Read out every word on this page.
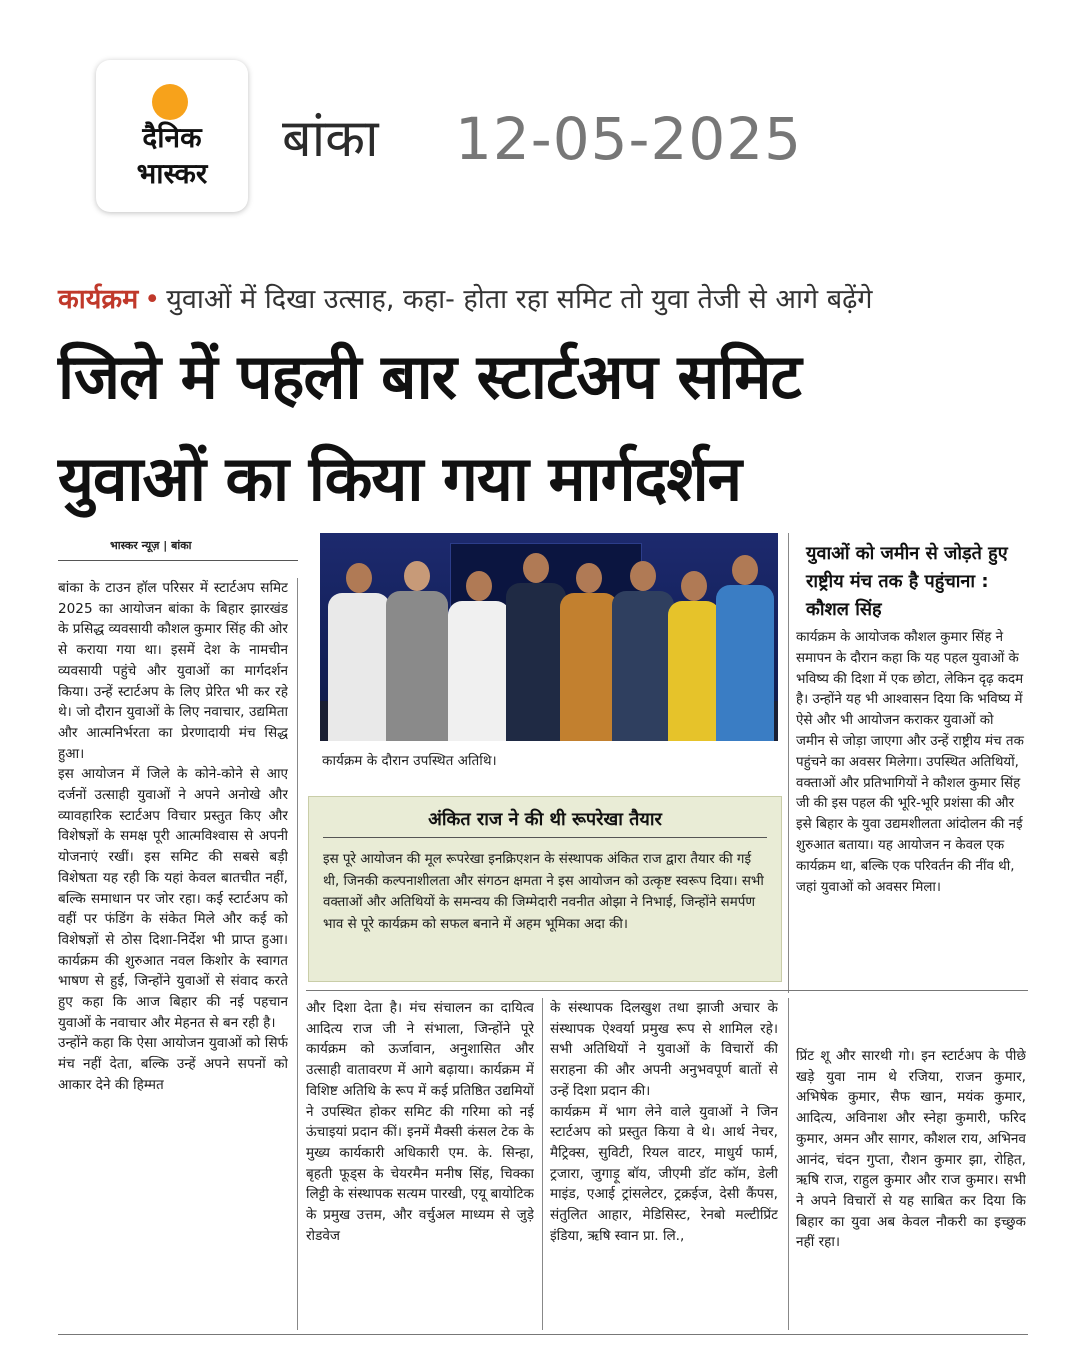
दैनिक
भास्कर
बांका 12-05-2025
कार्यक्रम • युवाओं में दिखा उत्साह, कहा- होता रहा समिट तो युवा तेजी से आगे बढ़ेंगे
जिले में पहली बार स्टार्टअप समिट
युवाओं का किया गया मार्गदर्शन
भास्कर न्यूज़ | बांका

बांका के टाउन हॉल परिसर में स्टार्टअप समिट 2025 का आयोजन बांका के बिहार झारखंड के प्रसिद्ध व्यवसायी कौशल कुमार सिंह की ओर से कराया गया था। इसमें देश के नामचीन व्यवसायी पहुंचे और युवाओं का मार्गदर्शन किया। उन्हें स्टार्टअप के लिए प्रेरित भी कर रहे थे। जो दौरान युवाओं के लिए नवाचार, उद्यमिता और आत्मनिर्भरता का प्रेरणादायी मंच सिद्ध हुआ।

इस आयोजन में जिले के कोने-कोने से आए दर्जनों उत्साही युवाओं ने अपने अनोखे और व्यावहारिक स्टार्टअप विचार प्रस्तुत किए और विशेषज्ञों के समक्ष पूरी आत्मविश्वास से अपनी योजनाएं रखीं। इस समिट की सबसे बड़ी विशेषता यह रही कि यहां केवल बातचीत नहीं, बल्कि समाधान पर जोर रहा। कई स्टार्टअप को वहीं पर फंडिंग के संकेत मिले और कई को विशेषज्ञों से ठोस दिशा-निर्देश भी प्राप्त हुआ। कार्यक्रम की शुरुआत नवल किशोर के स्वागत भाषण से हुई, जिन्होंने युवाओं से संवाद करते हुए कहा कि आज बिहार की नई पहचान युवाओं के नवाचार और मेहनत से बन रही है।

उन्होंने कहा कि ऐसा आयोजन युवाओं को सिर्फ मंच नहीं देता, बल्कि उन्हें अपने सपनों को आकार देने की हिम्मत

कार्यक्रम के दौरान उपस्थित अतिथि।
अंकित राज ने की थी रूपरेखा तैयार
इस पूरे आयोजन की मूल रूपरेखा इनक्रिएशन के संस्थापक अंकित राज द्वारा तैयार की गई थी, जिनकी कल्पनाशीलता और संगठन क्षमता ने इस आयोजन को उत्कृष्ट स्वरूप दिया। सभी वक्ताओं और अतिथियों के समन्वय की जिम्मेदारी नवनीत ओझा ने निभाई, जिन्होंने समर्पण भाव से पूरे कार्यक्रम को सफल बनाने में अहम भूमिका अदा की।
युवाओं को जमीन से जोड़ते हुए राष्ट्रीय मंच तक है पहुंचाना : कौशल सिंह
कार्यक्रम के आयोजक कौशल कुमार सिंह ने समापन के दौरान कहा कि यह पहल युवाओं के भविष्य की दिशा में एक छोटा, लेकिन दृढ़ कदम है। उन्होंने यह भी आश्वासन दिया कि भविष्य में ऐसे और भी आयोजन कराकर युवाओं को जमीन से जोड़ा जाएगा और उन्हें राष्ट्रीय मंच तक पहुंचने का अवसर मिलेगा। उपस्थित अतिथियों, वक्ताओं और प्रतिभागियों ने कौशल कुमार सिंह जी की इस पहल की भूरि-भूरि प्रशंसा की और इसे बिहार के युवा उद्यमशीलता आंदोलन की नई शुरुआत बताया। यह आयोजन न केवल एक कार्यक्रम था, बल्कि एक परिवर्तन की नींव थी, जहां युवाओं को अवसर मिला।
और दिशा देता है। मंच संचालन का दायित्व आदित्य राज जी ने संभाला, जिन्होंने पूरे कार्यक्रम को ऊर्जावान, अनुशासित और उत्साही वातावरण में आगे बढ़ाया। कार्यक्रम में विशिष्ट अतिथि के रूप में कई प्रतिष्ठित उद्यमियों ने उपस्थित होकर समिट की गरिमा को नई ऊंचाइयां प्रदान कीं। इनमें मैक्सी कंसल टेक के मुख्य कार्यकारी अधिकारी एम. के. सिन्हा, बृहती फूड्स के चेयरमैन मनीष सिंह, चिक्का लिट्टी के संस्थापक सत्यम पारखी, एयू बायोटिक के प्रमुख उत्तम, और वर्चुअल माध्यम से जुड़े रोडवेज

के संस्थापक दिलखुश तथा झाजी अचार के संस्थापक ऐश्वर्या प्रमुख रूप से शामिल रहे। सभी अतिथियों ने युवाओं के विचारों की सराहना की और अपनी अनुभवपूर्ण बातों से उन्हें दिशा प्रदान की।

कार्यक्रम में भाग लेने वाले युवाओं ने जिन स्टार्टअप को प्रस्तुत किया वे थे। आर्थ नेचर, मैट्रिक्स, सुविटी, रियल वाटर, माधुर्य फार्म, ट्रजारा, जुगाड़ू बॉय, जीएमी डॉट कॉम, डेली माइंड, एआई ट्रांसलेटर, ट्रक्रईज, देसी कैंपस, संतुलित आहार, मेडिसिस्ट, रेनबो मल्टीप्रिंट इंडिया, ऋषि स्वान प्रा. लि.,

प्रिंट शू और सारथी गो। इन स्टार्टअप के पीछे खड़े युवा नाम थे रजिया, राजन कुमार, अभिषेक कुमार, सैफ खान, मयंक कुमार, आदित्य, अविनाश और स्नेहा कुमारी, फरिद कुमार, अमन और सागर, कौशल राय, अभिनव आनंद, चंदन गुप्ता, रौशन कुमार झा, रोहित, ऋषि राज, राहुल कुमार और राज कुमार। सभी ने अपने विचारों से यह साबित कर दिया कि बिहार का युवा अब केवल नौकरी का इच्छुक नहीं रहा।
